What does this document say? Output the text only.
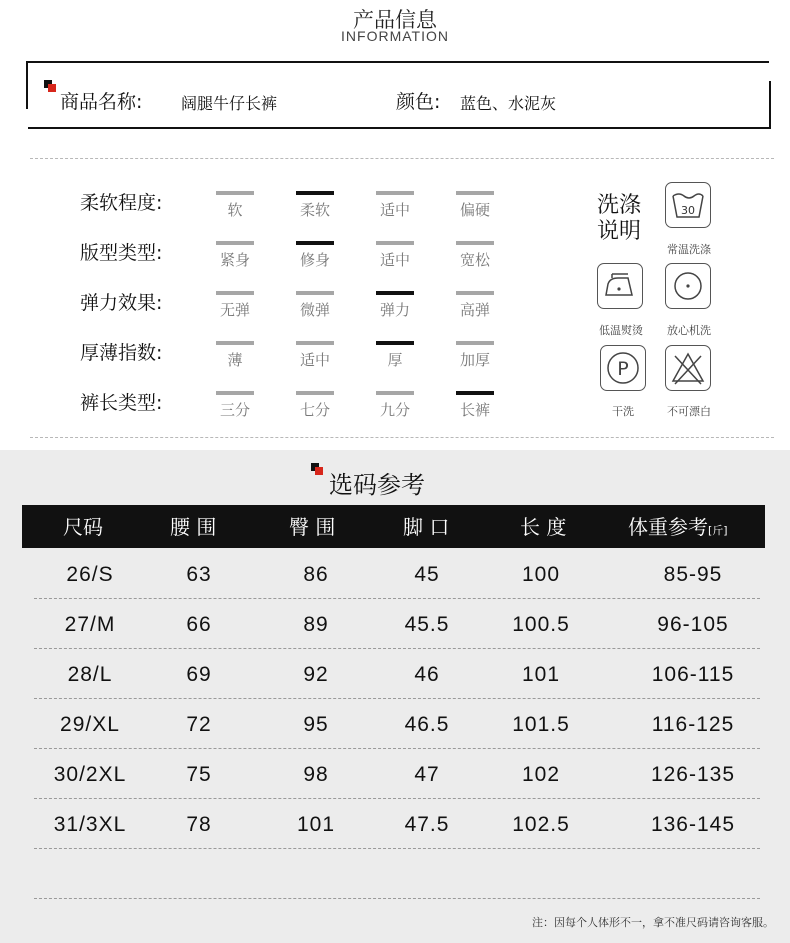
产品信息
INFORMATION
商品名称: 阔腿牛仔长裤	颜色: 蓝色、水泥灰
柔软程度:	软	柔软	适中	偏硬
版型类型:	紧身	修身	适中	宽松
弹力效果:	无弹	微弹	弹力	高弹
厚薄指数:	薄	适中	厚	加厚
裤长类型:	三分	七分	九分	长裤
洗涤
说明
30
常温洗涤
低温熨烫	放心机洗
P
干洗	不可漂白
选码参考
尺码	腰 围	臀 围	脚 口	长 度	体重参考[斤]
26/S	63	86	45	100	85-95
27/M	66	89	45.5	100.5	96-105
28/L	69	92	46	101	106-115
29/XL	72	95	46.5	101.5	116-125
30/2XL	75	98	47	102	126-135
31/3XL	78	101	47.5	102.5	136-145
注：因每个人体形不一，拿不准尺码请咨询客服。
